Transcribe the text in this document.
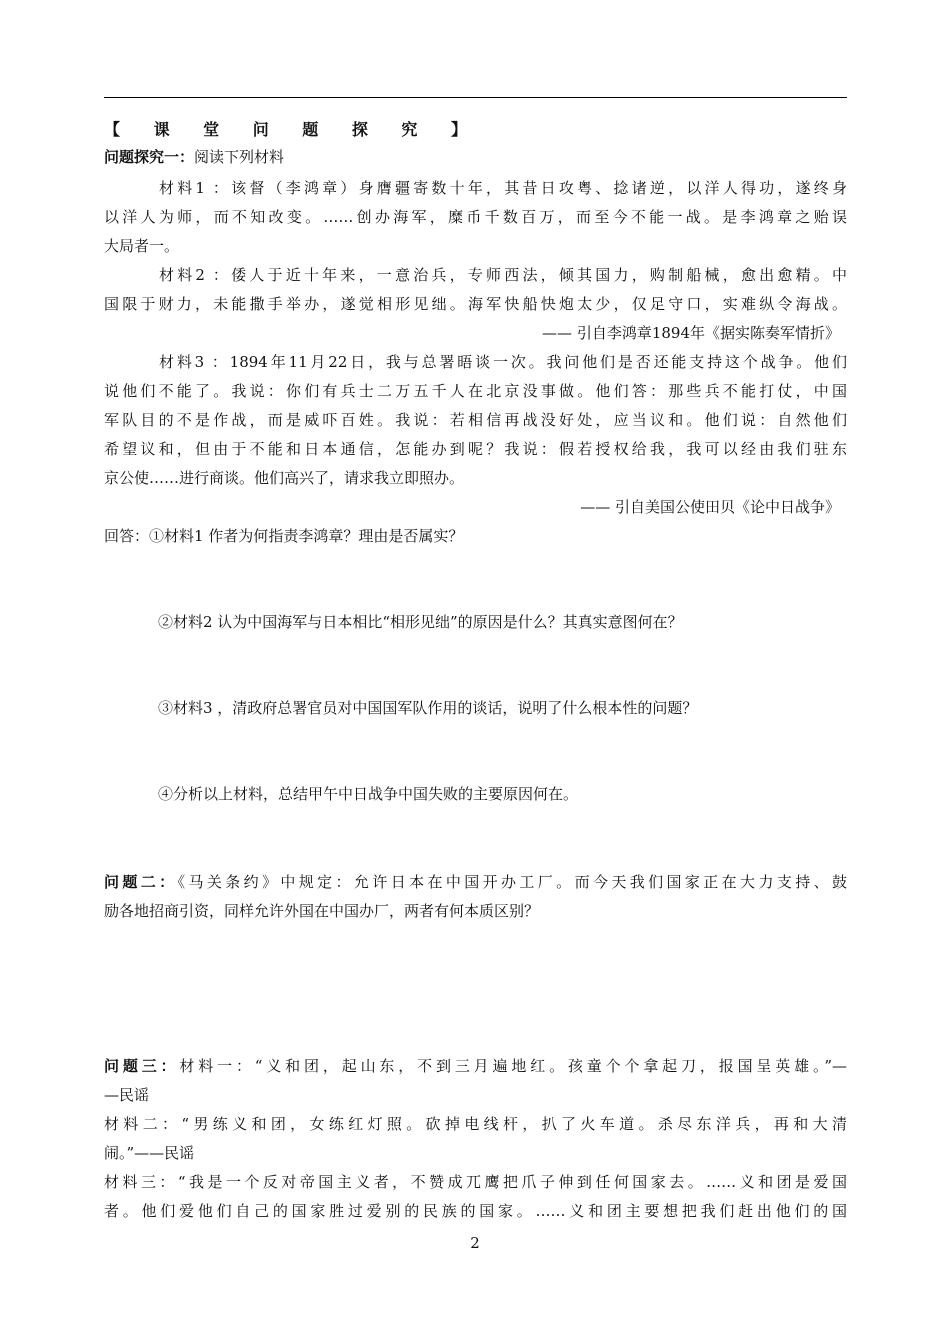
【 课 堂 问 题 探 究 】
问题探究一：阅读下列材料
材料1 ：该督（李鸿章）身膺疆寄数十年，其昔日攻粤、捻诸逆，以洋人得功，遂终身
以洋人为师，而不知改变。……创办海军，糜币千数百万，而至今不能一战。是李鸿章之贻误
大局者一。
材料2 ：倭人于近十年来，一意治兵，专师西法，倾其国力，购制船械，愈出愈精。中
国限于财力，未能撒手举办，遂觉相形见绌。海军快船快炮太少，仅足守口，实难纵令海战。
—— 引自李鸿章1894年《据实陈奏军情折》
材料3 ：1894年11月22日，我与总署晤谈一次。我问他们是否还能支持这个战争。他们
说他们不能了。我说：你们有兵士二万五千人在北京没事做。他们答：那些兵不能打仗，中国
军队目的不是作战，而是威吓百姓。我说：若相信再战没好处，应当议和。他们说：自然他们
希望议和，但由于不能和日本通信，怎能办到呢？我说：假若授权给我，我可以经由我们驻东
京公使……进行商谈。他们高兴了，请求我立即照办。
—— 引自美国公使田贝《论中日战争》
回答：①材料1 作者为何指责李鸿章？理由是否属实？
②材料2 认为中国海军与日本相比“相形见绌”的原因是什么？其真实意图何在？
③材料3 ，清政府总署官员对中国国军队作用的谈话，说明了什么根本性的问题？
④分析以上材料，总结甲午中日战争中国失败的主要原因何在。
问题二：《马关条约》中规定：允许日本在中国开办工厂。而今天我们国家正在大力支持、鼓
励各地招商引资，同样允许外国在中国办厂，两者有何本质区别？
问题三：材料一：“义和团，起山东，不到三月遍地红。孩童个个拿起刀，报国呈英雄。”—
—民谣
材料二：“男练义和团，女练红灯照。砍掉电线杆，扒了火车道。杀尽东洋兵，再和大清
闹。”——民谣
材料三：“我是一个反对帝国主义者，不赞成兀鹰把爪子伸到任何国家去。……义和团是爱国
者。他们爱他们自己的国家胜过爱别的民族的国家。……义和团主要想把我们赶出他们的国
2
